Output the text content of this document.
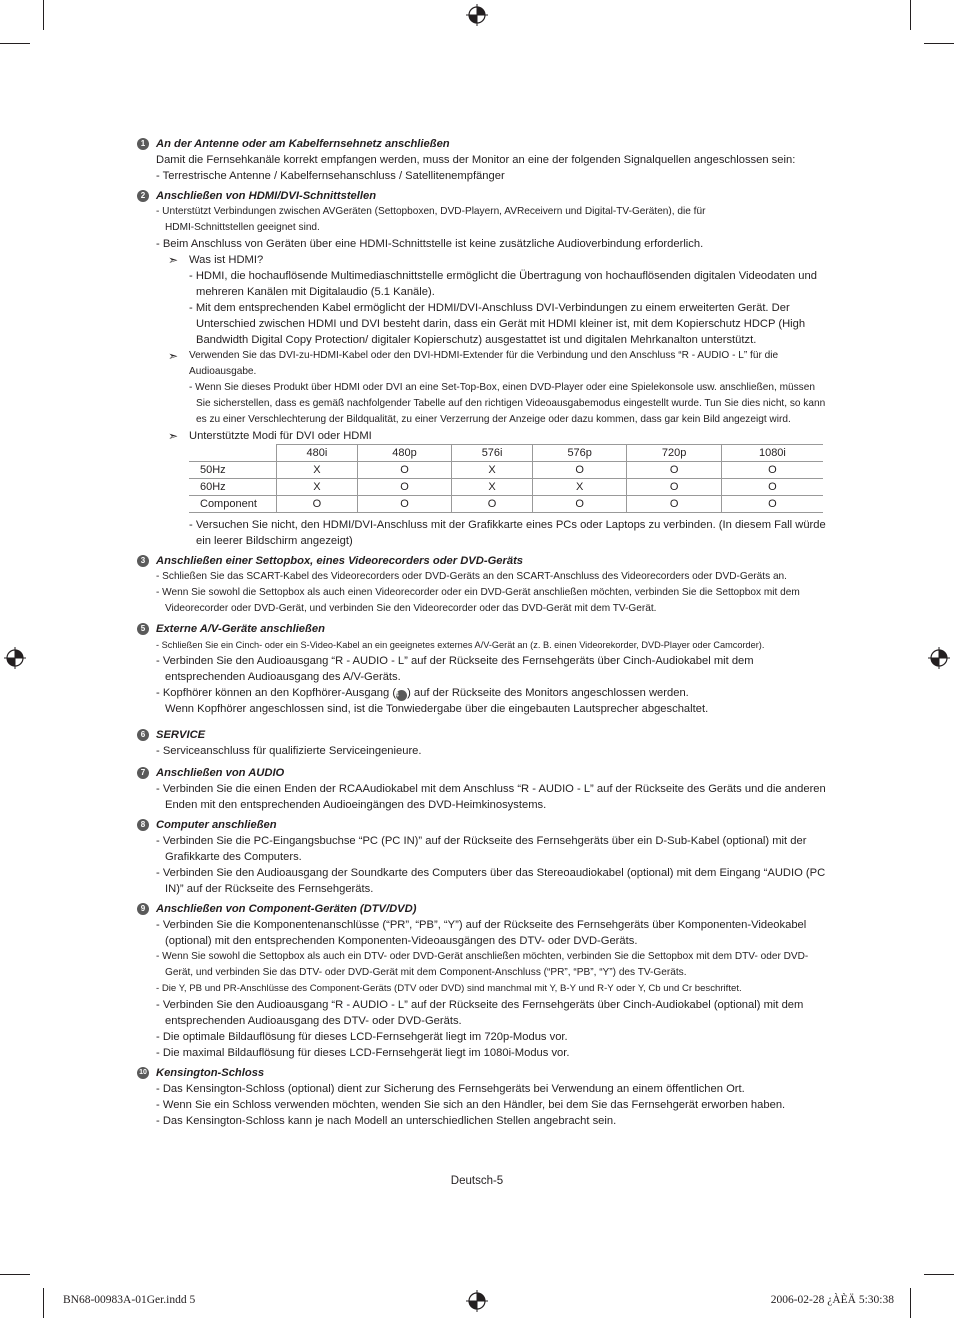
1 An der Antenne oder am Kabelfernsehnetz anschließen
Damit die Fernsehkanäle korrekt empfangen werden, muss der Monitor an eine der folgenden Signalquellen angeschlossen sein:
- Terrestrische Antenne / Kabelfernsehanschluss / Satellitenempfänger
2 Anschließen von HDMI/DVI-Schnittstellen
- Unterstützt Verbindungen zwischen AVGeräten (Settopboxen, DVD-Playern, AVReceivern und Digital-TV-Geräten), die für
HDMI-Schnittstellen geeignet sind.
- Beim Anschluss von Geräten über eine HDMI-Schnittstelle ist keine zusätzliche Audioverbindung erforderlich.
➣ Was ist HDMI?
- HDMI, die hochauflösende Multimediaschnittstelle ermöglicht die Übertragung von hochauflösenden digitalen Videodaten und mehreren Kanälen mit Digitalaudio (5.1 Kanäle).
- Mit dem entsprechenden Kabel ermöglicht der HDMI/DVI-Anschluss DVI-Verbindungen zu einem erweiterten Gerät. Der Unterschied zwischen HDMI und DVI besteht darin, dass ein Gerät mit HDMI kleiner ist, mit dem Kopierschutz HDCP (High Bandwidth Digital Copy Protection/ digitaler Kopierschutz) ausgestattet ist und digitalen Mehrkanalton unterstützt.
➣ Verwenden Sie das DVI-zu-HDMI-Kabel oder den DVI-HDMI-Extender für die Verbindung und den Anschluss “R - AUDIO - L” für die Audioausgabe.
- Wenn Sie dieses Produkt über HDMI oder DVI an eine Set-Top-Box, einen DVD-Player oder eine Spielekonsole usw. anschließen, müssen Sie sicherstellen, dass es gemäß nachfolgender Tabelle auf den richtigen Videoausgabemodus eingestellt wurde. Tun Sie dies nicht, so kann es zu einer Verschlechterung der Bildqualität, zu einer Verzerrung der Anzeige oder dazu kommen, dass gar kein Bild angezeigt wird.
➣ Unterstützte Modi für DVI oder HDMI
	480i	480p	576i	576p	720p	1080i
50Hz	X	O	X	O	O	O
60Hz	X	O	X	X	O	O
Component	O	O	O	O	O	O
- Versuchen Sie nicht, den HDMI/DVI-Anschluss mit der Grafikkarte eines PCs oder Laptops zu verbinden. (In diesem Fall würde ein leerer Bildschirm angezeigt)
3 Anschließen einer Settopbox, eines Videorecorders oder DVD-Geräts
- Schließen Sie das SCART-Kabel des Videorecorders oder DVD-Geräts an den SCART-Anschluss des Videorecorders oder DVD-Geräts an.
- Wenn Sie sowohl die Settopbox als auch einen Videorecorder oder ein DVD-Gerät anschließen möchten, verbinden Sie die Settopbox mit dem Videorecorder oder DVD-Gerät, und verbinden Sie den Videorecorder oder das DVD-Gerät mit dem TV-Gerät.
5 Externe A/V-Geräte anschließen
- Schließen Sie ein Cinch- oder ein S-Video-Kabel an ein geeignetes externes A/V-Gerät an (z. B. einen Videorekorder, DVD-Player oder Camcorder).
- Verbinden Sie den Audioausgang “R - AUDIO - L” auf der Rückseite des Fernsehgeräts über Cinch-Audiokabel mit dem entsprechenden Audioausgang des A/V-Geräts.
- Kopfhörer können an den Kopfhörer-Ausgang (4 ) auf der Rückseite des Monitors angeschlossen werden.
Wenn Kopfhörer angeschlossen sind, ist die Tonwiedergabe über die eingebauten Lautsprecher abgeschaltet.
6 SERVICE
- Serviceanschluss für qualifizierte Serviceingenieure.
7 Anschließen von AUDIO
- Verbinden Sie die einen Enden der RCAAudiokabel mit dem Anschluss “R - AUDIO - L” auf der Rückseite des Geräts und die anderen Enden mit den entsprechenden Audioeingängen des DVD-Heimkinosystems.
8 Computer anschließen
- Verbinden Sie die PC-Eingangsbuchse “PC (PC IN)” auf der Rückseite des Fernsehgeräts über ein D-Sub-Kabel (optional) mit der Grafikkarte des Computers.
- Verbinden Sie den Audioausgang der Soundkarte des Computers über das Stereoaudiokabel (optional) mit dem Eingang “AUDIO (PC IN)” auf der Rückseite des Fernsehgeräts.
9 Anschließen von Component-Geräten (DTV/DVD)
- Verbinden Sie die Komponentenanschlüsse (“PR”, “PB”, “Y”) auf der Rückseite des Fernsehgeräts über Komponenten-Videokabel (optional) mit den entsprechenden Komponenten-Videoausgängen des DTV- oder DVD-Geräts.
- Wenn Sie sowohl die Settopbox als auch ein DTV- oder DVD-Gerät anschließen möchten, verbinden Sie die Settopbox mit dem DTV- oder DVD-Gerät, und verbinden Sie das DTV- oder DVD-Gerät mit dem Component-Anschluss (“PR”, “PB”, “Y”) des TV-Geräts.
- Die Y, PB und PR-Anschlüsse des Component-Geräts (DTV oder DVD) sind manchmal mit Y, B-Y und R-Y oder Y, Cb und Cr beschriftet.
- Verbinden Sie den Audioausgang “R - AUDIO - L” auf der Rückseite des Fernsehgeräts über Cinch-Audiokabel (optional) mit dem entsprechenden Audioausgang des DTV- oder DVD-Geräts.
- Die optimale Bildauflösung für dieses LCD-Fernsehgerät liegt im 720p-Modus vor.
- Die maximal Bildauflösung für dieses LCD-Fernsehgerät liegt im 1080i-Modus vor.
10 Kensington-Schloss
- Das Kensington-Schloss (optional) dient zur Sicherung des Fernsehgeräts bei Verwendung an einem öffentlichen Ort.
- Wenn Sie ein Schloss verwenden möchten, wenden Sie sich an den Händler, bei dem Sie das Fernsehgerät erworben haben.
- Das Kensington-Schloss kann je nach Modell an unterschiedlichen Stellen angebracht sein.
Deutsch-5
BN68-00983A-01Ger.indd 5	2006-02-28 ¿ÀÈÄ 5:30:38
